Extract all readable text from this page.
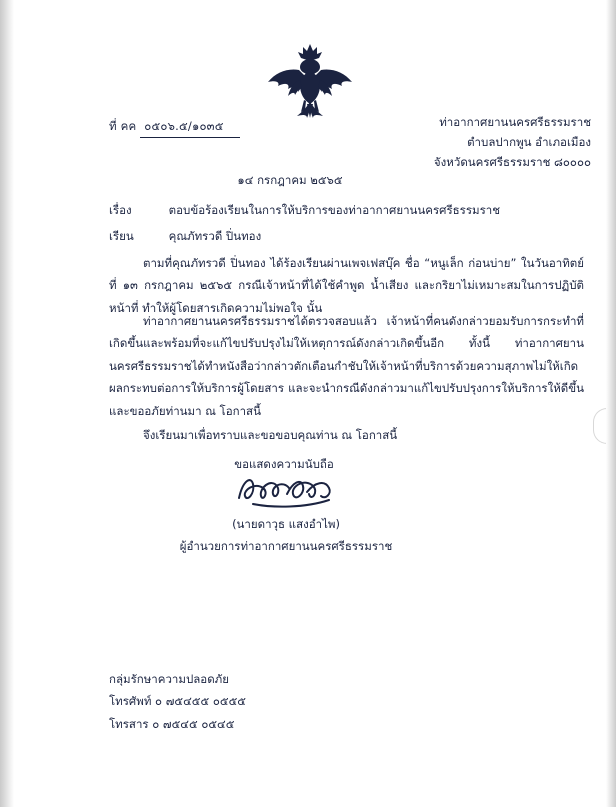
ที่ คค ๐๕๐๖.๕/๑๐๓๕	ท่าอากาศยานนครศรีธรรมราช
ตำบลปากพูน อำเภอเมือง
จังหวัดนครศรีธรรมราช ๘๐๐๐๐
๑๔ กรกฎาคม ๒๕๖๕
เรื่อง	ตอบข้อร้องเรียนในการให้บริการของท่าอากาศยานนครศรีธรรมราช
เรียน	คุณภัทรวดี ปิ่นทอง
ตามที่คุณภัทรวดี ปิ่นทอง ได้ร้องเรียนผ่านเพจเฟสบุ๊ค ชื่อ “หนูเล็ก ก่อนบ่าย” ในวันอาทิตย์ ที่ ๑๓ กรกฎาคม ๒๕๖๕ กรณีเจ้าหน้าที่ได้ใช้คำพูด น้ำเสียง และกริยาไม่เหมาะสมในการปฏิบัติหน้าที่ ทำให้ผู้โดยสารเกิดความไม่พอใจ นั้น
ท่าอากาศยานนครศรีธรรมราชได้ตรวจสอบแล้ว เจ้าหน้าที่คนดังกล่าวยอมรับการกระทำที่เกิดขึ้นและพร้อมที่จะแก้ไขปรับปรุงไม่ให้เหตุการณ์ดังกล่าวเกิดขึ้นอีก ทั้งนี้ ท่าอากาศยานนครศรีธรรมราชได้ทำหนังสือว่ากล่าวตักเตือนกำชับให้เจ้าหน้าที่บริการด้วยความสุภาพไม่ให้เกิดผลกระทบต่อการให้บริการผู้โดยสาร และจะนำกรณีดังกล่าวมาแก้ไขปรับปรุงการให้บริการให้ดีขึ้น และขออภัยท่านมา ณ โอกาสนี้
จึงเรียนมาเพื่อทราบและขอขอบคุณท่าน ณ โอกาสนี้
ขอแสดงความนับถือ
(นายดาวุธ แสงอำไพ)
ผู้อำนวยการท่าอากาศยานนครศรีธรรมราช
กลุ่มรักษาความปลอดภัย
โทรศัพท์ ๐ ๗๕๔๕๕ ๐๕๕๕
โทรสาร ๐ ๗๕๔๕ ๐๕๔๕
